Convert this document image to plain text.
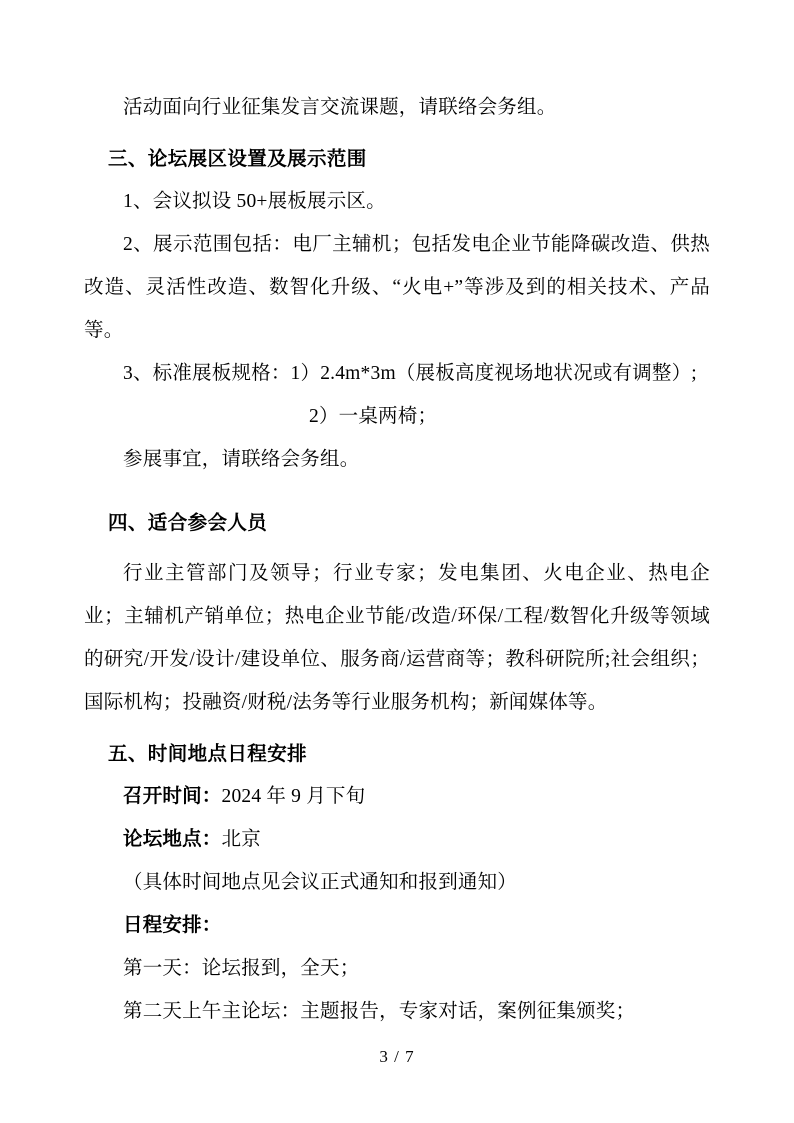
活动面向行业征集发言交流课题，请联络会务组。

三、论坛展区设置及展示范围

1、会议拟设 50+展板展示区。

2、展示范围包括：电厂主辅机；包括发电企业节能降碳改造、供热改造、灵活性改造、数智化升级、“火电+”等涉及到的相关技术、产品等。

3、标准展板规格：1）2.4m*3m（展板高度视场地状况或有调整）;

2）一桌两椅；

参展事宜，请联络会务组。

四、适合参会人员

行业主管部门及领导；行业专家；发电集团、火电企业、热电企业；主辅机产销单位；热电企业节能/改造/环保/工程/数智化升级等领域的研究/开发/设计/建设单位、服务商/运营商等；教科研院所;社会组织；国际机构；投融资/财税/法务等行业服务机构；新闻媒体等。

五、时间地点日程安排

召开时间：2024 年 9 月下旬

论坛地点：北京

（具体时间地点见会议正式通知和报到通知）

日程安排：

第一天：论坛报到，全天；

第二天上午主论坛：主题报告，专家对话，案例征集颁奖；

3 / 7
